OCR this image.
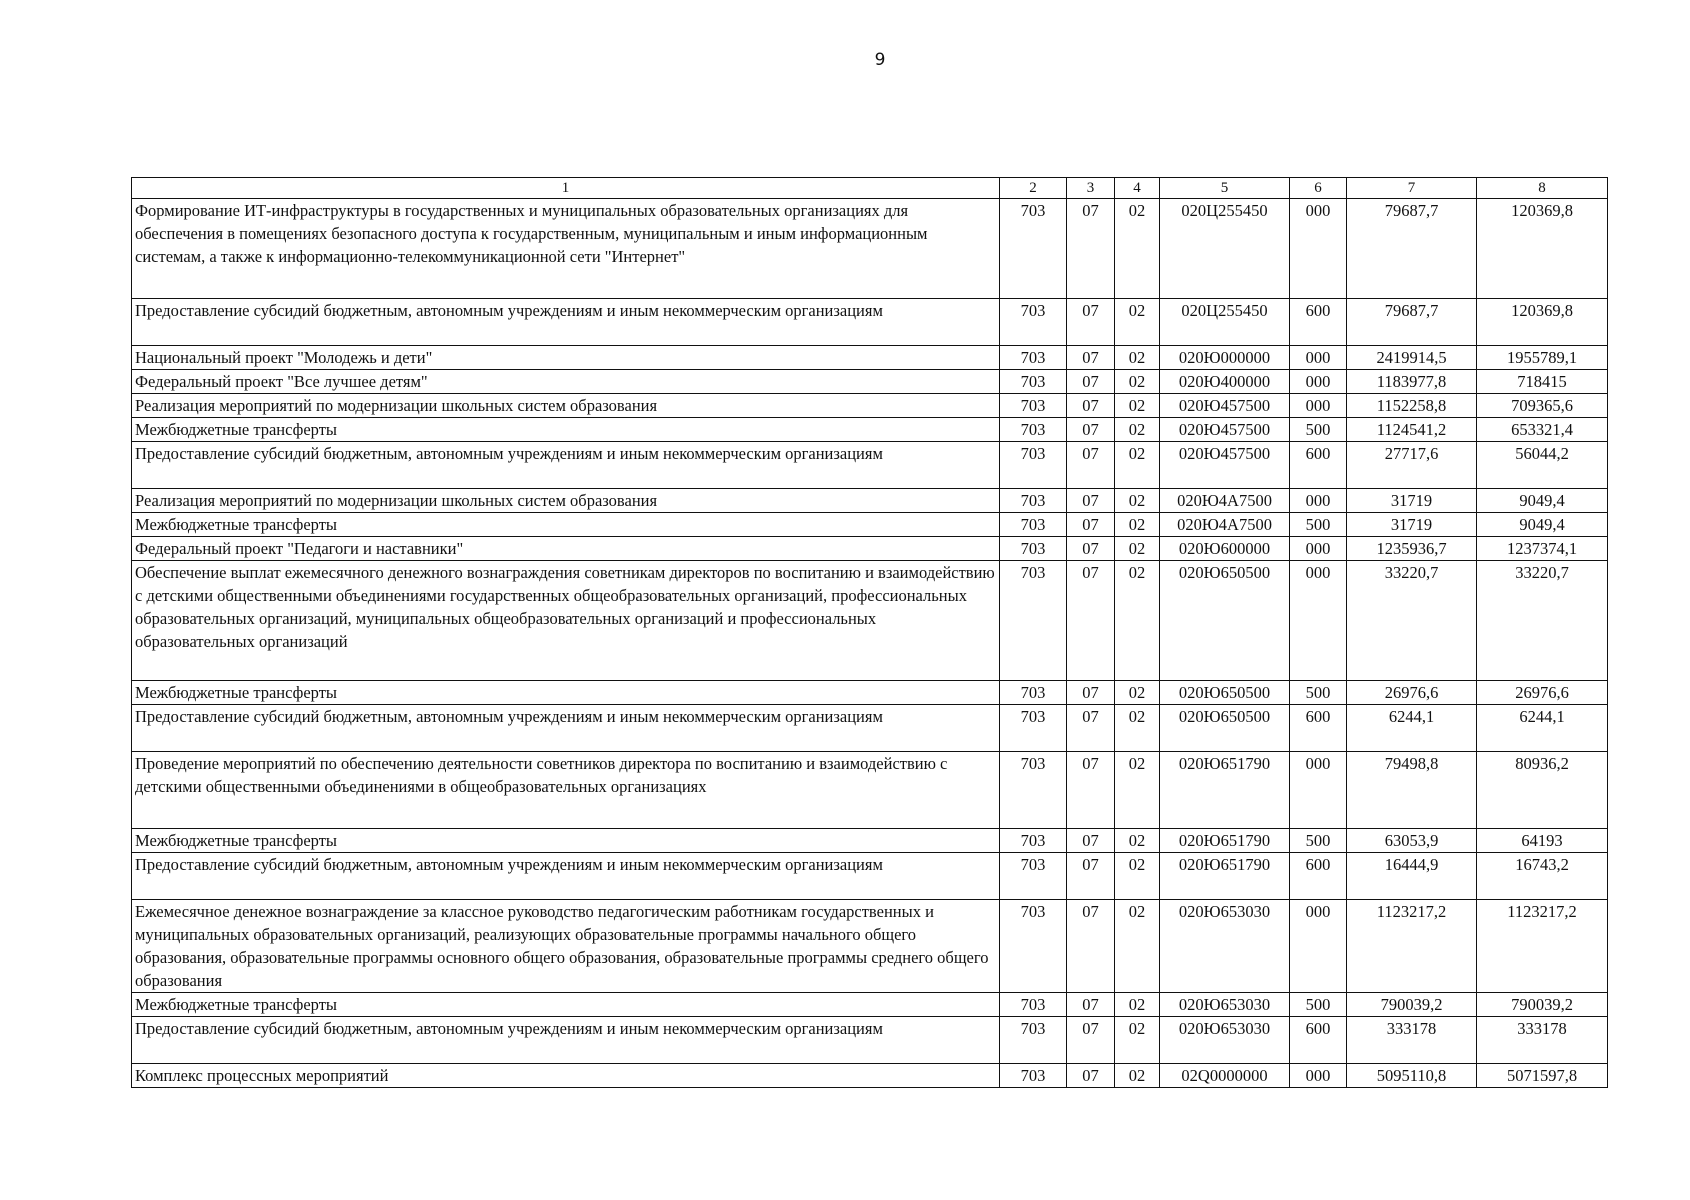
9
1	2	3	4	5	6	7	8
Формирование ИТ-инфраструктуры в государственных и муниципальных образовательных организациях для обеспечения в помещениях безопасного доступа к государственным, муниципальным и иным информационным системам, а также к информационно-телекоммуникационной сети "Интернет"	703	07	02	020Ц255450	000	79687,7	120369,8
Предоставление субсидий бюджетным, автономным учреждениям и иным некоммерческим организациям	703	07	02	020Ц255450	600	79687,7	120369,8
Национальный проект "Молодежь и дети"	703	07	02	020Ю000000	000	2419914,5	1955789,1
Федеральный проект "Все лучшее детям"	703	07	02	020Ю400000	000	1183977,8	718415
Реализация мероприятий по модернизации школьных систем образования	703	07	02	020Ю457500	000	1152258,8	709365,6
Межбюджетные трансферты	703	07	02	020Ю457500	500	1124541,2	653321,4
Предоставление субсидий бюджетным, автономным учреждениям и иным некоммерческим организациям	703	07	02	020Ю457500	600	27717,6	56044,2
Реализация мероприятий по модернизации школьных систем образования	703	07	02	020Ю4А7500	000	31719	9049,4
Межбюджетные трансферты	703	07	02	020Ю4А7500	500	31719	9049,4
Федеральный проект "Педагоги и наставники"	703	07	02	020Ю600000	000	1235936,7	1237374,1
Обеспечение выплат ежемесячного денежного вознаграждения советникам директоров по воспитанию и взаимодействию с детскими общественными объединениями государственных общеобразовательных организаций, профессиональных образовательных организаций, муниципальных общеобразовательных организаций и профессиональных образовательных организаций	703	07	02	020Ю650500	000	33220,7	33220,7
Межбюджетные трансферты	703	07	02	020Ю650500	500	26976,6	26976,6
Предоставление субсидий бюджетным, автономным учреждениям и иным некоммерческим организациям	703	07	02	020Ю650500	600	6244,1	6244,1
Проведение мероприятий по обеспечению деятельности советников директора по воспитанию и взаимодействию с детскими общественными объединениями в общеобразовательных организациях	703	07	02	020Ю651790	000	79498,8	80936,2
Межбюджетные трансферты	703	07	02	020Ю651790	500	63053,9	64193
Предоставление субсидий бюджетным, автономным учреждениям и иным некоммерческим организациям	703	07	02	020Ю651790	600	16444,9	16743,2
Ежемесячное денежное вознаграждение за классное руководство педагогическим работникам государственных и муниципальных образовательных организаций, реализующих образовательные программы начального общего образования, образовательные программы основного общего образования, образовательные программы среднего общего образования	703	07	02	020Ю653030	000	1123217,2	1123217,2
Межбюджетные трансферты	703	07	02	020Ю653030	500	790039,2	790039,2
Предоставление субсидий бюджетным, автономным учреждениям и иным некоммерческим организациям	703	07	02	020Ю653030	600	333178	333178
Комплекс процессных мероприятий	703	07	02	02Q0000000	000	5095110,8	5071597,8
